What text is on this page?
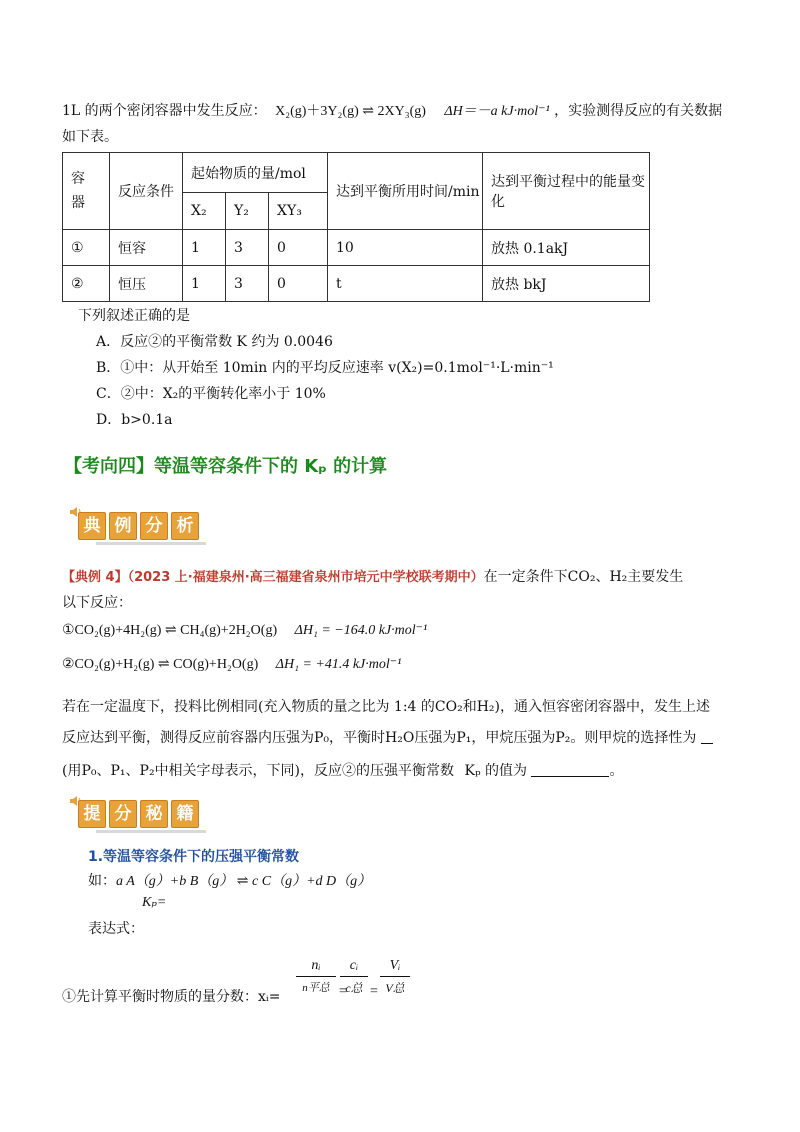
1L 的两个密闭容器中发生反应： X₂(g)＋3Y₂(g) ⇌ 2XY₃(g) ΔH＝－a kJ·mol⁻¹ ，实验测得反应的有关数据
如下表。
容器	反应条件	起始物质的量/mol			达到平衡所用时间/min	达到平衡过程中的能量变化
		X₂	Y₂	XY₃		
①	恒容	1	3	0	10	放热 0.1akJ
②	恒压	1	3	0	t	放热 bkJ
下列叙述正确的是
A．反应②的平衡常数 K 约为 0.0046
B．①中：从开始至 10min 内的平均反应速率 v(X₂)=0.1mol⁻¹·L·min⁻¹
C．②中：X₂的平衡转化率小于 10%
D．b>0.1a
【考向四】等温等容条件下的 Kₚ 的计算
典 例 分 析
【典例 4】（2023 上·福建泉州·高三福建省泉州市培元中学校联考期中）在一定条件下CO₂、H₂主要发生
以下反应：
①CO₂(g)+4H₂(g) ⇌ CH₄(g)+2H₂O(g) ΔH₁ = −164.0 kJ·mol⁻¹
②CO₂(g)+H₂(g) ⇌ CO(g)+H₂O(g) ΔH₁ = +41.4 kJ·mol⁻¹
若在一定温度下，投料比例相同(充入物质的量之比为 1:4 的CO₂和H₂)，通入恒容密闭容器中，发生上述
反应达到平衡，测得反应前容器内压强为P₀，平衡时H₂O压强为P₁，甲烷压强为P₂。则甲烷的选择性为
(用P₀、P₁、P₂中相关字母表示，下同)，反应②的压强平衡常数 Kₚ 的值为	。
提 分 秘 籍
1.等温等容条件下的压强平衡常数
如：a A（g）+b B（g） ⇌ c C（g）+d D（g）
Kₚ=
表达式：
①先计算平衡时物质的量分数：xᵢ=
nᵢ
n平总 =
cᵢ
c总 =
Vᵢ
V总
